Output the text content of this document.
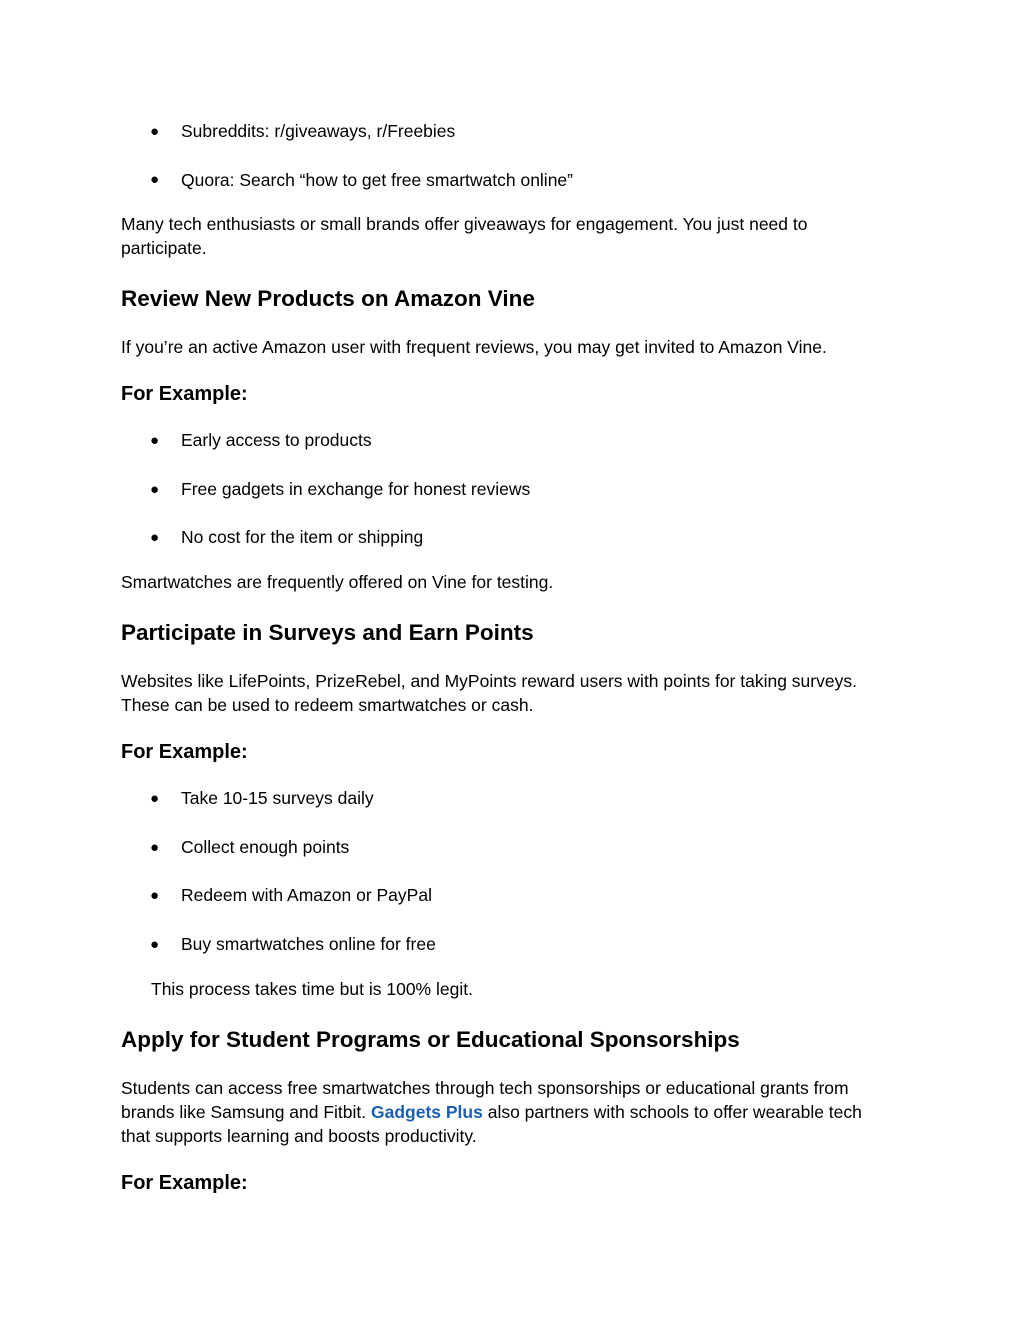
● Subreddits: r/giveaways, r/Freebies
● Quora: Search “how to get free smartwatch online”
Many tech enthusiasts or small brands offer giveaways for engagement. You just need to
participate.
Review New Products on Amazon Vine
If you’re an active Amazon user with frequent reviews, you may get invited to Amazon Vine.
For Example:
● Early access to products
● Free gadgets in exchange for honest reviews
● No cost for the item or shipping
Smartwatches are frequently offered on Vine for testing.
Participate in Surveys and Earn Points
Websites like LifePoints, PrizeRebel, and MyPoints reward users with points for taking surveys.
These can be used to redeem smartwatches or cash.
For Example:
● Take 10-15 surveys daily
● Collect enough points
● Redeem with Amazon or PayPal
● Buy smartwatches online for free
This process takes time but is 100% legit.
Apply for Student Programs or Educational Sponsorships
Students can access free smartwatches through tech sponsorships or educational grants from
brands like Samsung and Fitbit. Gadgets Plus also partners with schools to offer wearable tech
that supports learning and boosts productivity.
For Example:
